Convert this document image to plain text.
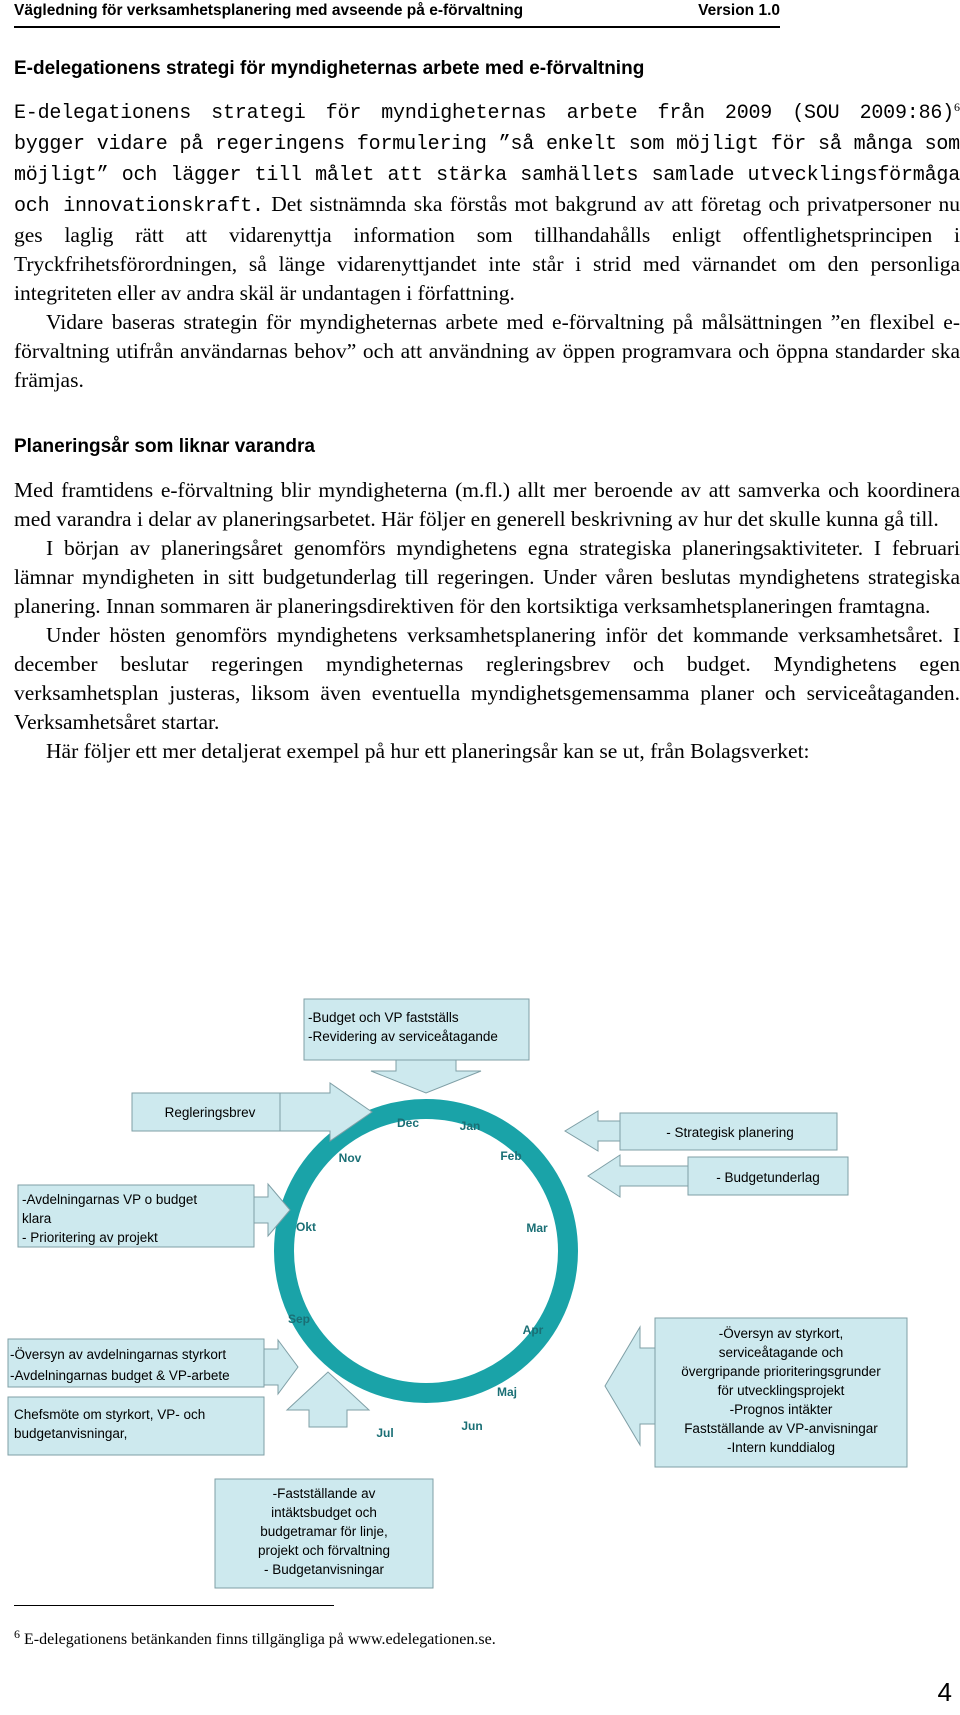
Vägledning för verksamhetsplanering med avseende på e-förvaltning	Version 1.0
E-delegationens strategi för myndigheternas arbete med e-förvaltning

E-delegationens strategi för myndigheternas arbete från 2009 (SOU 2009:86)$^6$ bygger vidare på regeringens formulering ”så enkelt som möjligt för så många som möjligt” och lägger till målet att stärka samhällets samlade utvecklingsförmåga och innovationskraft. Det sistnämnda ska förstås mot bakgrund av att företag och privatpersoner nu ges laglig rätt att vidarenyttja information som tillhandahålls enligt offentlighetsprincipen i Tryckfrihetsförordningen, så länge vidarenyttjandet inte står i strid med värnandet om den personliga integriteten eller av andra skäl är undantagen i författning.

Vidare baseras strategin för myndigheternas arbete med e-förvaltning på målsättningen ”en flexibel e-förvaltning utifrån användarnas behov” och att användning av öppen programvara och öppna standarder ska främjas.

Planeringsår som liknar varandra

Med framtidens e-förvaltning blir myndigheterna (m.fl.) allt mer beroende av att samverka och koordinera med varandra i delar av planeringsarbetet. Här följer en generell beskrivning av hur det skulle kunna gå till.

I början av planeringsåret genomförs myndighetens egna strategiska planeringsaktiviteter. I februari lämnar myndigheten in sitt budgetunderlag till regeringen. Under våren beslutas myndighetens strategiska planering. Innan sommaren är planeringsdirektiven för den kortsiktiga verksamhetsplaneringen framtagna.

Under hösten genomförs myndighetens verksamhetsplanering inför det kommande verksamhetsåret. I december beslutar regeringen myndigheternas regleringsbrev och budget. Myndighetens egen verksamhetsplan justeras, liksom även eventuella myndighetsgemensamma planer och serviceåtaganden. Verksamhetsåret startar.

Här följer ett mer detaljerat exempel på hur ett planeringsår kan se ut, från Bolagsverket:

Jan
Feb
Mar
Apr
Maj
Jun
Jul
Sep
Okt
Nov
Dec
-Budget och VP fastställs -Revidering av serviceåtagande
Regleringsbrev
- Strategisk planering
- Budgetunderlag
-Avdelningarnas VP o budget klara - Prioritering av projekt
-Översyn av avdelningarnas styrkort -Avdelningarnas budget & VP-arbete
Chefsmöte om styrkort, VP- och budgetanvisningar,
-Översyn av styrkort, serviceåtagande och övergripande prioriteringsgrunder för utvecklingsprojekt -Prognos intäkter Fastställande av VP-anvisningar -Intern kunddialog
-Fastställande av intäktsbudget och budgetramar för linje, projekt och förvaltning - Budgetanvisningar
$^6$ E-delegationens betänkanden finns tillgängliga på www.edelegationen.se.
4
